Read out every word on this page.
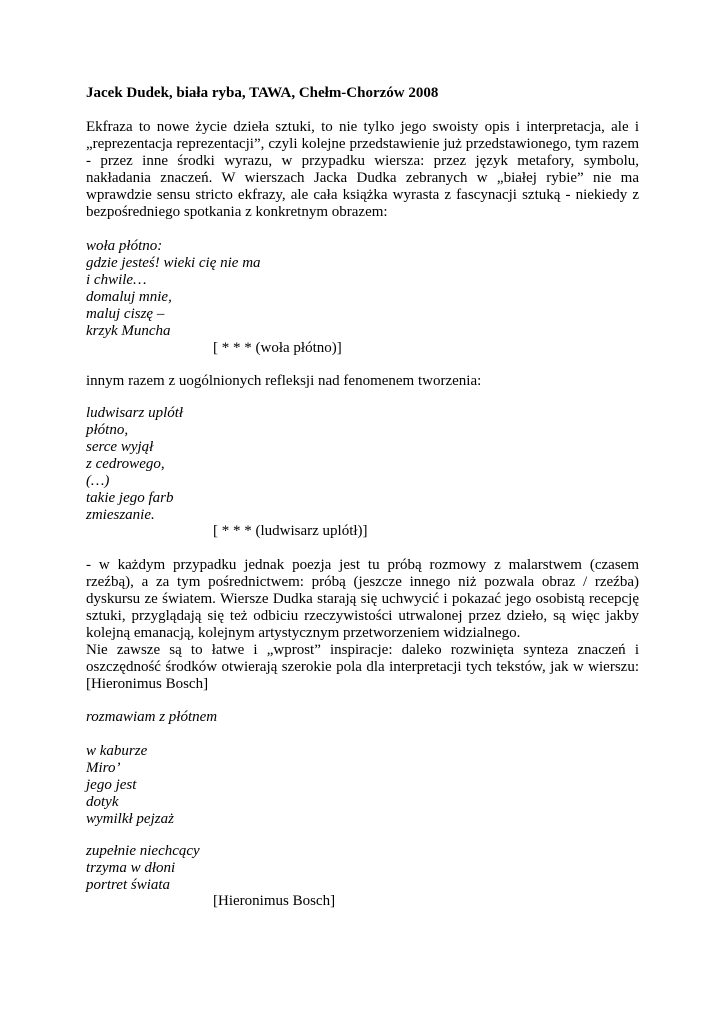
Jacek Dudek, biała ryba, TAWA, Chełm-Chorzów 2008
Ekfraza to nowe życie dzieła sztuki, to nie tylko jego swoisty opis i interpretacja, ale i „reprezentacja reprezentacji”, czyli kolejne przedstawienie już przedstawionego, tym razem - przez inne środki wyrazu, w przypadku wiersza: przez język metafory, symbolu, nakładania znaczeń. W wierszach Jacka Dudka zebranych w „białej rybie” nie ma wprawdzie sensu stricto ekfrazy, ale cała książka wyrasta z fascynacji sztuką - niekiedy z bezpośredniego spotkania z konkretnym obrazem:
woła płótno:
gdzie jesteś! wieki cię nie ma
i chwile…
domaluj mnie,
maluj ciszę –
krzyk Muncha
[ * * * (woła płótno)]
innym razem z uogólnionych refleksji nad fenomenem tworzenia:
ludwisarz uplótł
płótno,
serce wyjął
z cedrowego,
(…)
takie jego farb
zmieszanie.
[ * * * (ludwisarz uplótł)]
- w każdym przypadku jednak poezja jest tu próbą rozmowy z malarstwem (czasem rzeźbą), a za tym pośrednictwem: próbą (jeszcze innego niż pozwala obraz / rzeźba) dyskursu ze światem. Wiersze Dudka starają się uchwycić i pokazać jego osobistą recepcję sztuki, przyglądają się też odbiciu rzeczywistości utrwalonej przez dzieło, są więc jakby kolejną emanacją, kolejnym artystycznym przetworzeniem widzialnego.
Nie zawsze są to łatwe i „wprost” inspiracje: daleko rozwinięta synteza znaczeń i oszczędność środków otwierają szerokie pola dla interpretacji tych tekstów, jak w wierszu: [Hieronimus Bosch]
rozmawiam z płótnem
w kaburze
Miro’
jego jest
dotyk
wymilkł pejzaż
zupełnie niechcący
trzyma w dłoni
portret świata
[Hieronimus Bosch]
